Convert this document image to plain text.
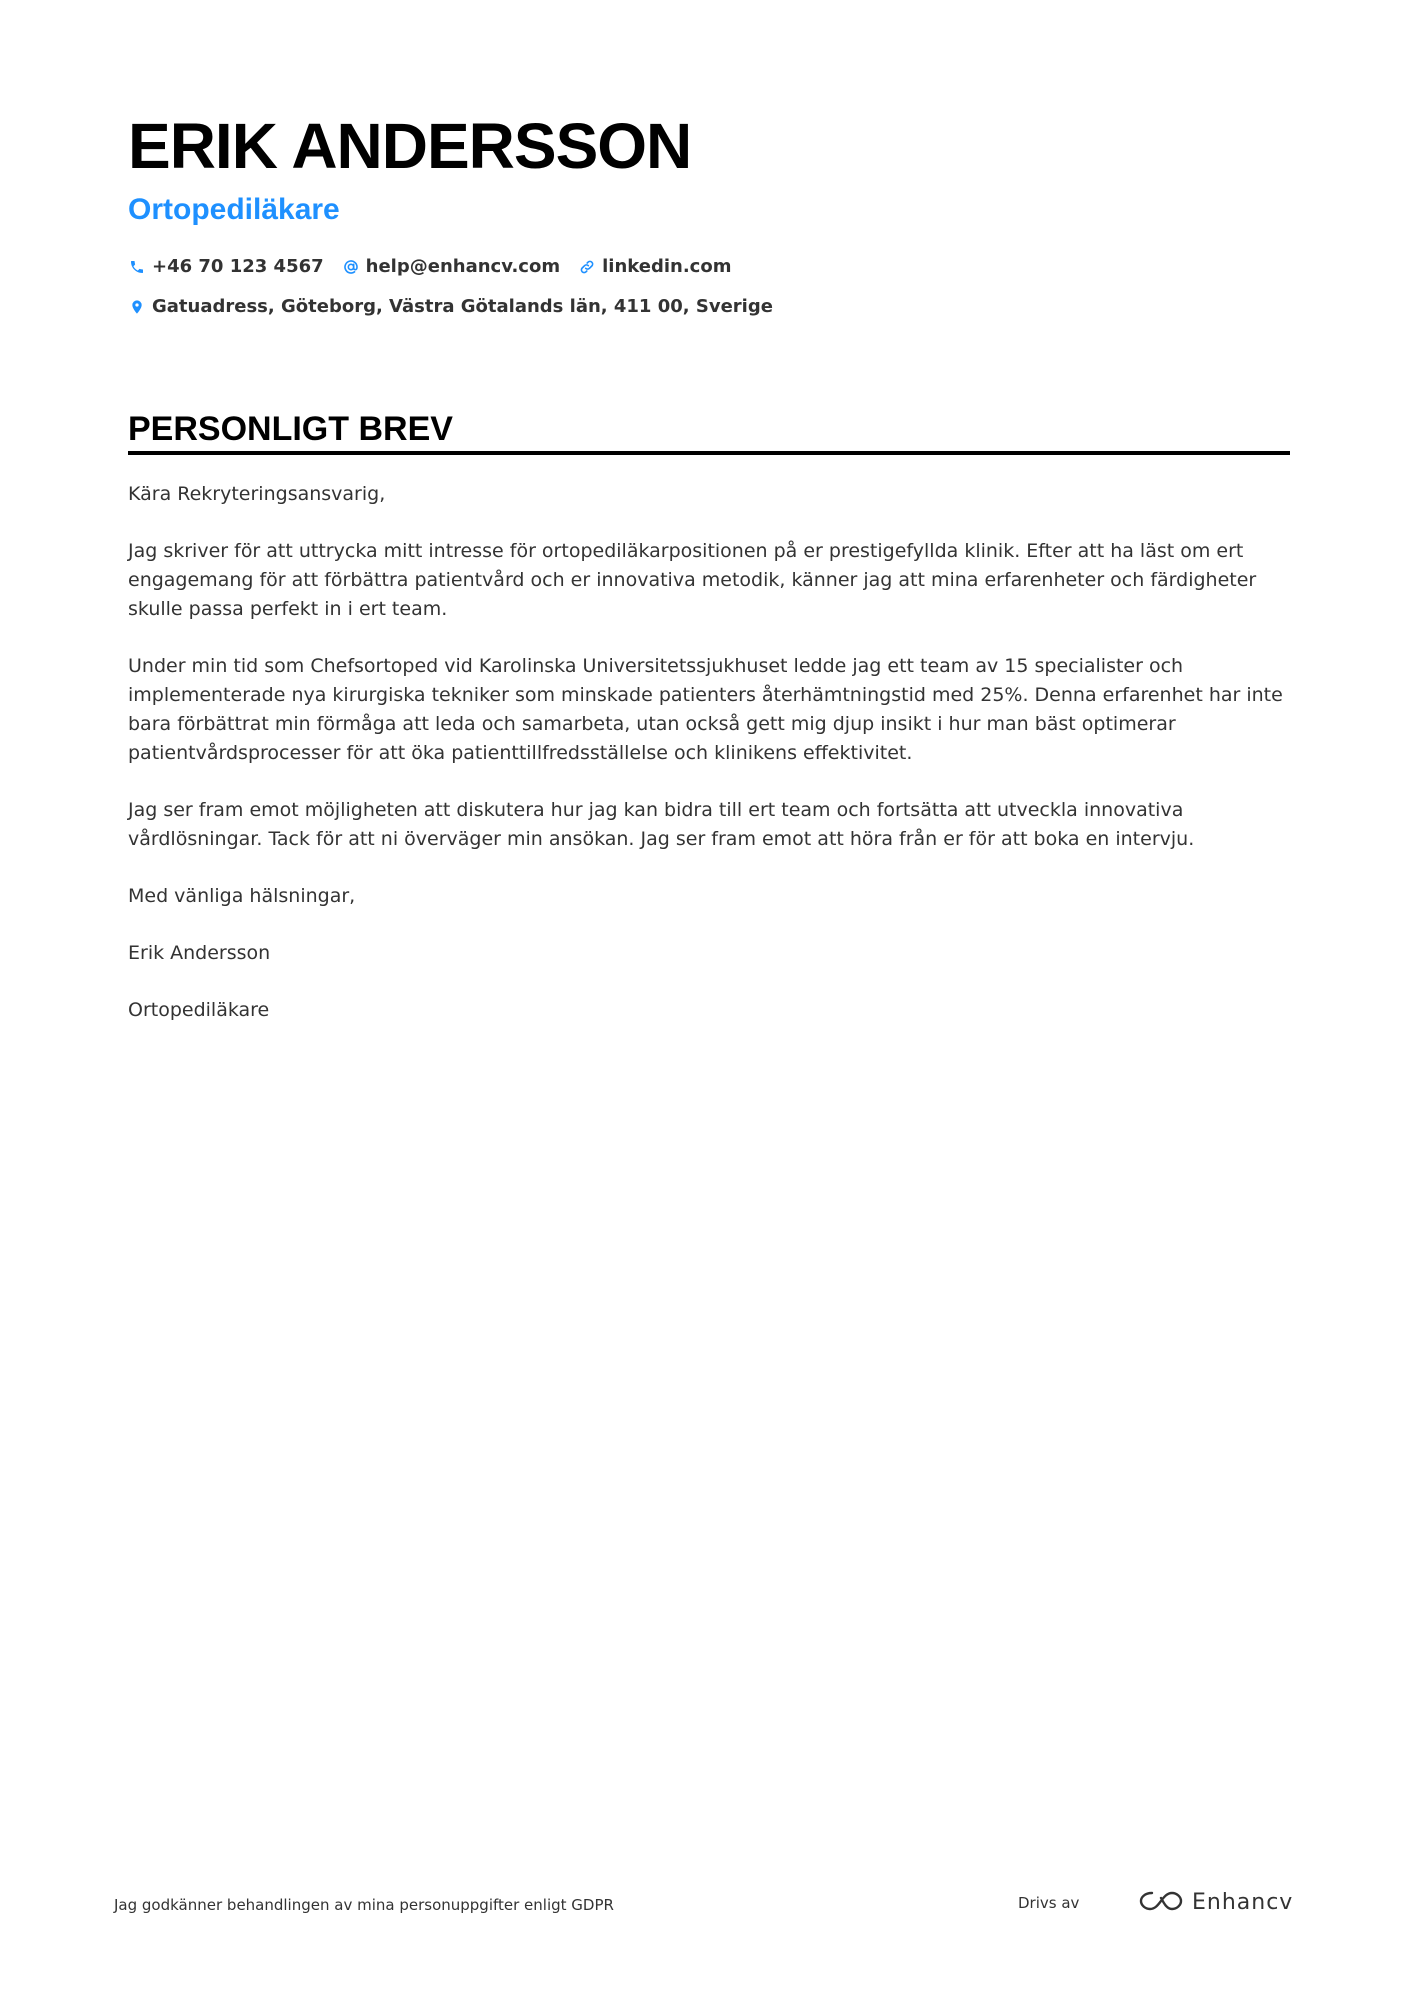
ERIK ANDERSSON
Ortopediläkare
+46 70 123 4567 help@enhancv.com linkedin.com
Gatuadress, Göteborg, Västra Götalands län, 411 00, Sverige
PERSONLIGT BREV

Kära Rekryteringsansvarig,

Jag skriver för att uttrycka mitt intresse för ortopediläkarpositionen på er prestigefyllda klinik. Efter att ha läst om ert engagemang för att förbättra patientvård och er innovativa metodik, känner jag att mina erfarenheter och färdigheter skulle passa perfekt in i ert team.

Under min tid som Chefsortoped vid Karolinska Universitetssjukhuset ledde jag ett team av 15 specialister och implementerade nya kirurgiska tekniker som minskade patienters återhämtningstid med 25%. Denna erfarenhet har inte bara förbättrat min förmåga att leda och samarbeta, utan också gett mig djup insikt i hur man bäst optimerar patientvårdsprocesser för att öka patienttillfredsställelse och klinikens effektivitet.

Jag ser fram emot möjligheten att diskutera hur jag kan bidra till ert team och fortsätta att utveckla innovativa vårdlösningar. Tack för att ni överväger min ansökan. Jag ser fram emot att höra från er för att boka en intervju.

Med vänliga hälsningar,

Erik Andersson

Ortopediläkare

Jag godkänner behandlingen av mina personuppgifter enligt GDPR	Drivs av	Enhancv
